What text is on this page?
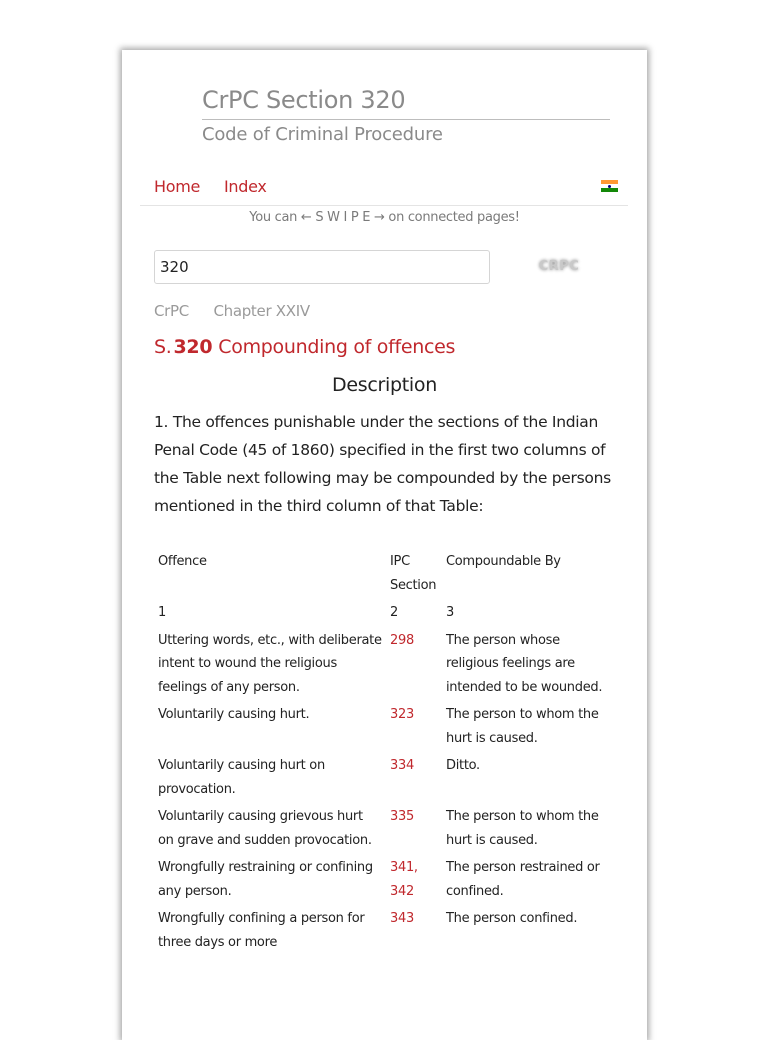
CrPC Section 320
Code of Criminal Procedure
Home Index
You can ← S W I P E → on connected pages!
320
CRPC
CrPC Chapter XXIV
S. 320 Compounding of offences
Description
1. The offences punishable under the sections of the Indian Penal Code (45 of 1860) specified in the first two columns of the Table next following may be compounded by the persons mentioned in the third column of that Table:
Offence	IPC Section	Compoundable By
1	2	3
Uttering words, etc., with deliberate intent to wound the religious feelings of any person.	298	The person whose religious feelings are intended to be wounded.
Voluntarily causing hurt.	323	The person to whom the hurt is caused.
Voluntarily causing hurt on provocation.	334	Ditto.
Voluntarily causing grievous hurt on grave and sudden provocation.	335	The person to whom the hurt is caused.
Wrongfully restraining or confining any person.	341, 342	The person restrained or confined.
Wrongfully confining a person for three days or more	343	The person confined.
